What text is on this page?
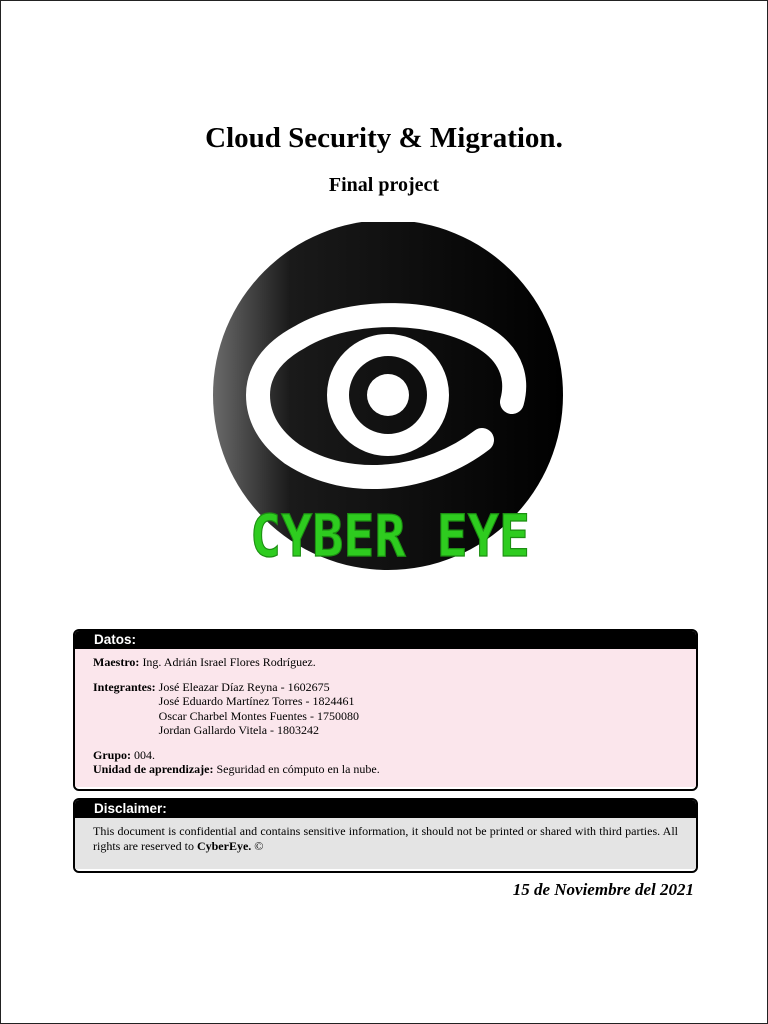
Cloud Security & Migration.
Final project
CYBER EYE
Datos:
Maestro:
Ing. Adrián Israel Flores Rodríguez.
Integrantes:
José Eleazar Díaz Reyna - 1602675
José Eduardo Martínez Torres - 1824461
Oscar Charbel Montes Fuentes - 1750080
Jordan Gallardo Vitela - 1803242
Grupo:
004.
Unidad de aprendizaje:
Seguridad en cómputo en la nube.
Disclaimer:
This document is confidential and contains sensitive information, it should not be printed or shared with third parties. All rights are reserved to CyberEye. ©
15 de Noviembre del 2021
